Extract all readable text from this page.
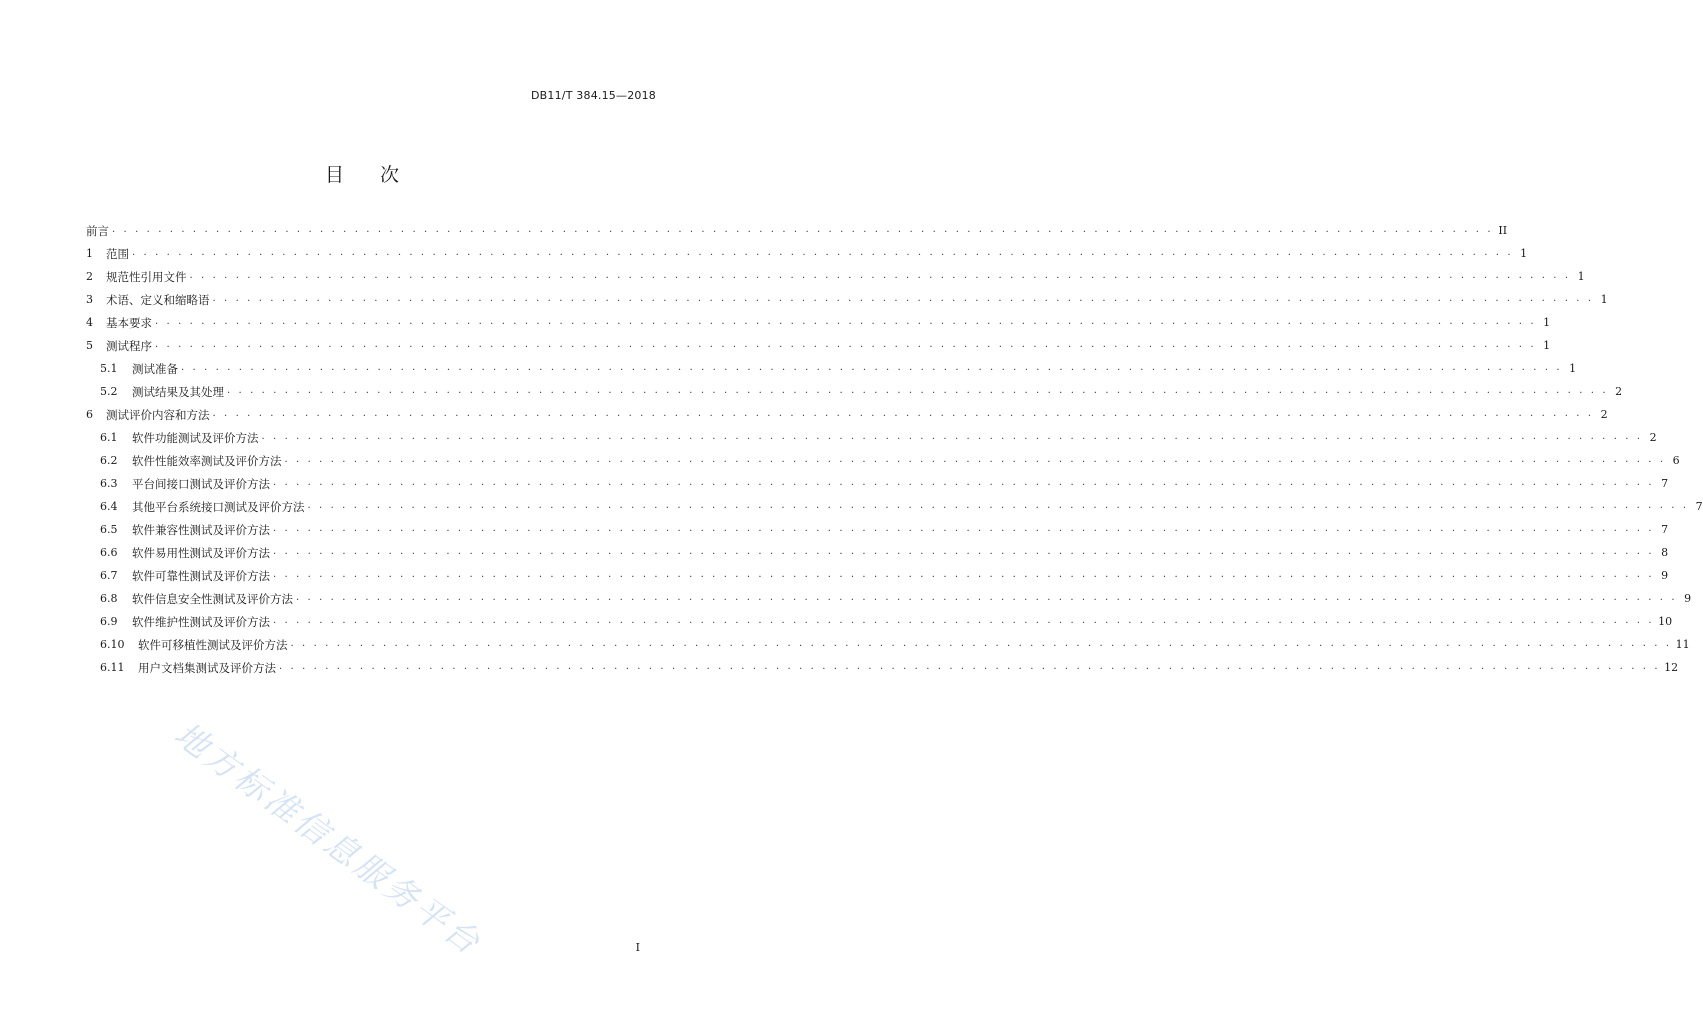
DB11/T 384.15—2018
目 次
前言 . . . . . . . . . . . . . . . . . . . . . . . . . . . . . . . . . . . . . . . . . . . . . . . . . . . . . . . . . . . . . . . . . . . . . . . . . . . . . . . . . . . . . . . . . . . . . . . . . . . . . . . . . . . . . . . . . . . . . . . . II
1	范围 . . . . . . . . . . . . . . . . . . . . . . . . . . . . . . . . . . . . . . . . . . . . . . . . . . . . . . . . . . . . . . . . . . . . . . . . . . . . . . . . . . . . . . . . . . . . . . . . . . . . . . . . . . . . . . . . . . . . . . . . 1
2	规范性引用文件 . . . . . . . . . . . . . . . . . . . . . . . . . . . . . . . . . . . . . . . . . . . . . . . . . . . . . . . . . . . . . . . . . . . . . . . . . . . . . . . . . . . . . . . . . . . . . . . . . . . . . . . . . . . . . . . . . . . . . . . . 1
3	术语、定义和缩略语 . . . . . . . . . . . . . . . . . . . . . . . . . . . . . . . . . . . . . . . . . . . . . . . . . . . . . . . . . . . . . . . . . . . . . . . . . . . . . . . . . . . . . . . . . . . . . . . . . . . . . . . . . . . . . . . . . . . . . . . . 1
4	基本要求 . . . . . . . . . . . . . . . . . . . . . . . . . . . . . . . . . . . . . . . . . . . . . . . . . . . . . . . . . . . . . . . . . . . . . . . . . . . . . . . . . . . . . . . . . . . . . . . . . . . . . . . . . . . . . . . . . . . . . . . . 1
5	测试程序 . . . . . . . . . . . . . . . . . . . . . . . . . . . . . . . . . . . . . . . . . . . . . . . . . . . . . . . . . . . . . . . . . . . . . . . . . . . . . . . . . . . . . . . . . . . . . . . . . . . . . . . . . . . . . . . . . . . . . . . . 1
5.1	测试准备 . . . . . . . . . . . . . . . . . . . . . . . . . . . . . . . . . . . . . . . . . . . . . . . . . . . . . . . . . . . . . . . . . . . . . . . . . . . . . . . . . . . . . . . . . . . . . . . . . . . . . . . . . . . . . . . . . . . . . . . . 1
5.2	测试结果及其处理 . . . . . . . . . . . . . . . . . . . . . . . . . . . . . . . . . . . . . . . . . . . . . . . . . . . . . . . . . . . . . . . . . . . . . . . . . . . . . . . . . . . . . . . . . . . . . . . . . . . . . . . . . . . . . . . . . . . . . . . . 2
6	测试评价内容和方法 . . . . . . . . . . . . . . . . . . . . . . . . . . . . . . . . . . . . . . . . . . . . . . . . . . . . . . . . . . . . . . . . . . . . . . . . . . . . . . . . . . . . . . . . . . . . . . . . . . . . . . . . . . . . . . . . . . . . . . . . 2
6.1	软件功能测试及评价方法 . . . . . . . . . . . . . . . . . . . . . . . . . . . . . . . . . . . . . . . . . . . . . . . . . . . . . . . . . . . . . . . . . . . . . . . . . . . . . . . . . . . . . . . . . . . . . . . . . . . . . . . . . . . . . . . . . . . . . . . . 2
6.2	软件性能效率测试及评价方法 . . . . . . . . . . . . . . . . . . . . . . . . . . . . . . . . . . . . . . . . . . . . . . . . . . . . . . . . . . . . . . . . . . . . . . . . . . . . . . . . . . . . . . . . . . . . . . . . . . . . . . . . . . . . . . . . . . . . . . . . 6
6.3	平台间接口测试及评价方法 . . . . . . . . . . . . . . . . . . . . . . . . . . . . . . . . . . . . . . . . . . . . . . . . . . . . . . . . . . . . . . . . . . . . . . . . . . . . . . . . . . . . . . . . . . . . . . . . . . . . . . . . . . . . . . . . . . . . . . . . 7
6.4	其他平台系统接口测试及评价方法 . . . . . . . . . . . . . . . . . . . . . . . . . . . . . . . . . . . . . . . . . . . . . . . . . . . . . . . . . . . . . . . . . . . . . . . . . . . . . . . . . . . . . . . . . . . . . . . . . . . . . . . . . . . . . . . . . . . . . . . . 7
6.5	软件兼容性测试及评价方法 . . . . . . . . . . . . . . . . . . . . . . . . . . . . . . . . . . . . . . . . . . . . . . . . . . . . . . . . . . . . . . . . . . . . . . . . . . . . . . . . . . . . . . . . . . . . . . . . . . . . . . . . . . . . . . . . . . . . . . . . 7
6.6	软件易用性测试及评价方法 . . . . . . . . . . . . . . . . . . . . . . . . . . . . . . . . . . . . . . . . . . . . . . . . . . . . . . . . . . . . . . . . . . . . . . . . . . . . . . . . . . . . . . . . . . . . . . . . . . . . . . . . . . . . . . . . . . . . . . . . 8
6.7	软件可靠性测试及评价方法 . . . . . . . . . . . . . . . . . . . . . . . . . . . . . . . . . . . . . . . . . . . . . . . . . . . . . . . . . . . . . . . . . . . . . . . . . . . . . . . . . . . . . . . . . . . . . . . . . . . . . . . . . . . . . . . . . . . . . . . . 9
6.8	软件信息安全性测试及评价方法 . . . . . . . . . . . . . . . . . . . . . . . . . . . . . . . . . . . . . . . . . . . . . . . . . . . . . . . . . . . . . . . . . . . . . . . . . . . . . . . . . . . . . . . . . . . . . . . . . . . . . . . . . . . . . . . . . . . . . . . . 9
6.9	软件维护性测试及评价方法 . . . . . . . . . . . . . . . . . . . . . . . . . . . . . . . . . . . . . . . . . . . . . . . . . . . . . . . . . . . . . . . . . . . . . . . . . . . . . . . . . . . . . . . . . . . . . . . . . . . . . . . . . . . . . . . . . . . . . . . . 10
6.10	软件可移植性测试及评价方法 . . . . . . . . . . . . . . . . . . . . . . . . . . . . . . . . . . . . . . . . . . . . . . . . . . . . . . . . . . . . . . . . . . . . . . . . . . . . . . . . . . . . . . . . . . . . . . . . . . . . . . . . . . . . . . . . . . . . . . . . 11
6.11	用户文档集测试及评价方法 . . . . . . . . . . . . . . . . . . . . . . . . . . . . . . . . . . . . . . . . . . . . . . . . . . . . . . . . . . . . . . . . . . . . . . . . . . . . . . . . . . . . . . . . . . . . . . . . . . . . . . . . . . . . . . . . . . . . . . . . 12
地方标准信息服务平台	I
